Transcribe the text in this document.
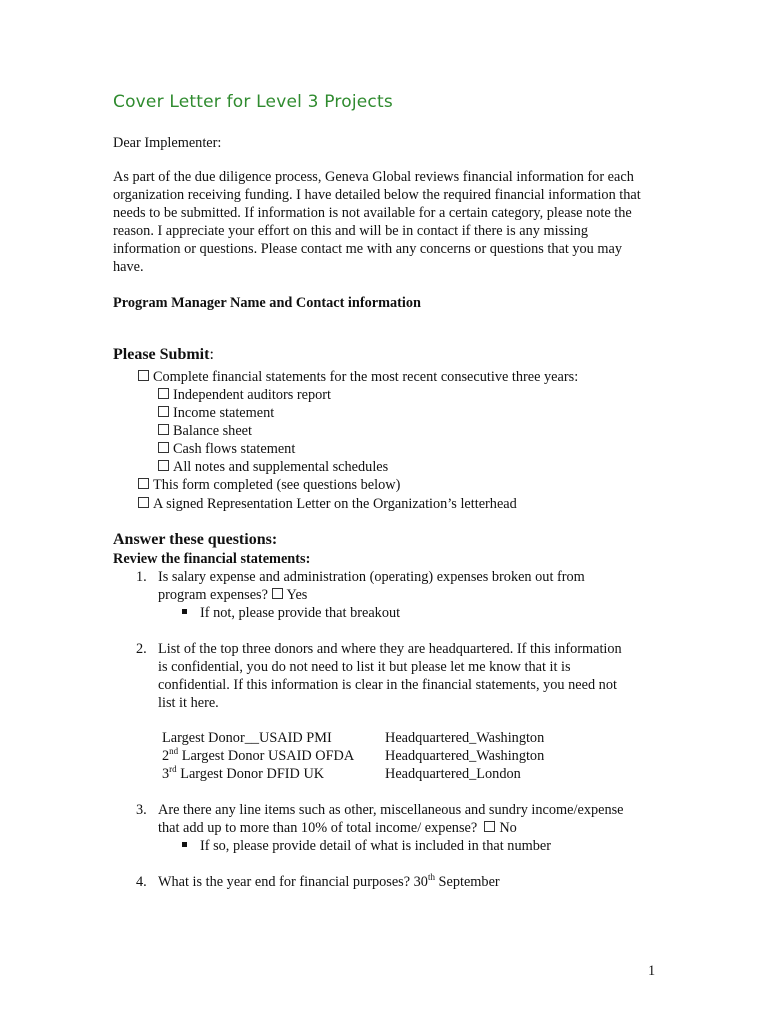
Cover Letter for Level 3 Projects
Dear Implementer:
As part of the due diligence process, Geneva Global reviews financial information for each organization receiving funding. I have detailed below the required financial information that needs to be submitted. If information is not available for a certain category, please note the reason. I appreciate your effort on this and will be in contact if there is any missing information or questions. Please contact me with any concerns or questions that you may have.
Program Manager Name and Contact information
Please Submit:
Complete financial statements for the most recent consecutive three years:
Independent auditors report
Income statement
Balance sheet
Cash flows statement
All notes and supplemental schedules
This form completed (see questions below)
A signed Representation Letter on the Organization’s letterhead
Answer these questions:
Review the financial statements:
1. Is salary expense and administration (operating) expenses broken out from
program expenses? Yes
If not, please provide that breakout
2. List of the top three donors and where they are headquartered. If this information
is confidential, you do not need to list it but please let me know that it is
confidential. If this information is clear in the financial statements, you need not
list it here.
Largest Donor__USAID PMI	Headquartered_Washington
2nd Largest Donor USAID OFDA Headquartered_Washington
3rd Largest Donor DFID UK	Headquartered_London
3. Are there any line items such as other, miscellaneous and sundry income/expense
that add up to more than 10% of total income/ expense? No
If so, please provide detail of what is included in that number
4. What is the year end for financial purposes? 30th September
1
